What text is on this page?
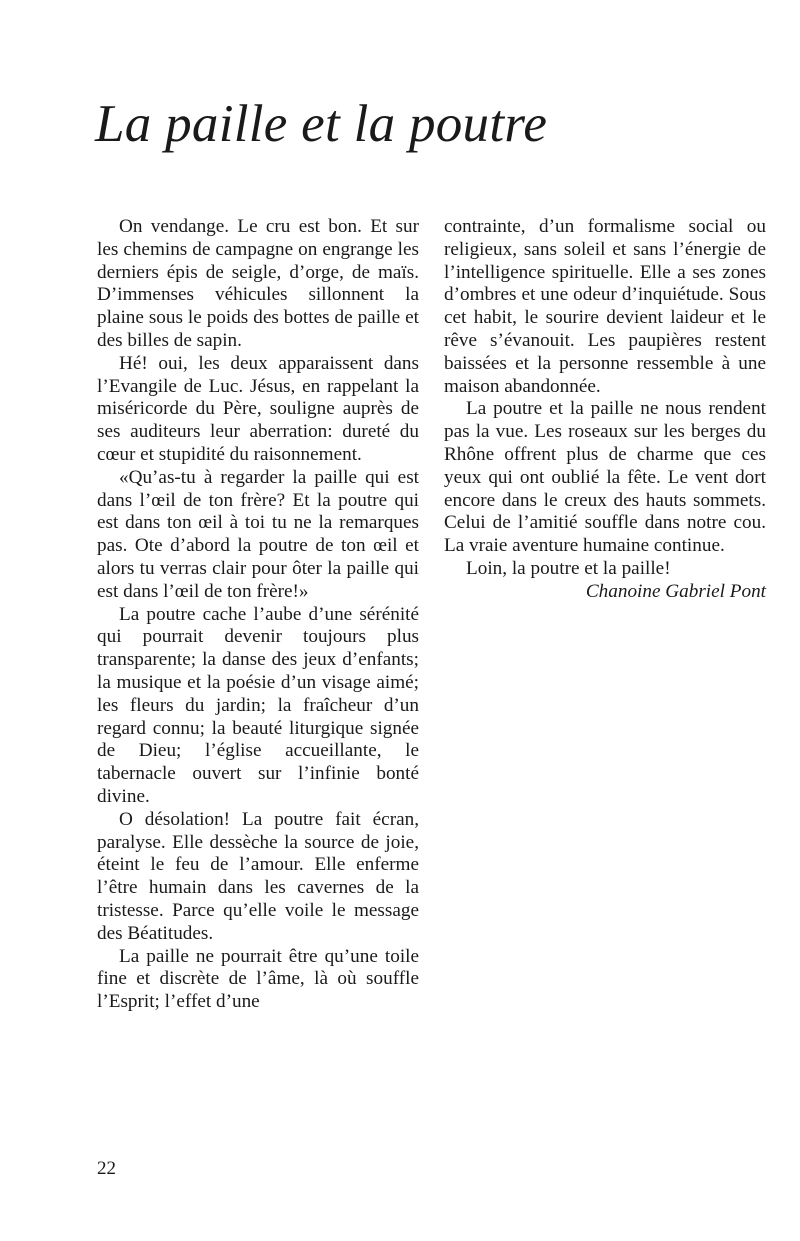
La paille et la poutre

On vendange. Le cru est bon. Et sur les chemins de campagne on engrange les derniers épis de seigle, d’orge, de maïs. D’immenses véhicules sillonnent la plaine sous le poids des bottes de paille et des billes de sapin.

Hé! oui, les deux apparaissent dans l’Evangile de Luc. Jésus, en rappelant la miséricorde du Père, souligne auprès de ses auditeurs leur aberration: dureté du cœur et stupidité du raisonnement.

«Qu’as-tu à regarder la paille qui est dans l’œil de ton frère? Et la poutre qui est dans ton œil à toi tu ne la remarques pas. Ote d’abord la poutre de ton œil et alors tu verras clair pour ôter la paille qui est dans l’œil de ton frère!»

La poutre cache l’aube d’une sérénité qui pourrait devenir toujours plus transparente; la danse des jeux d’enfants; la musique et la poésie d’un visage aimé; les fleurs du jardin; la fraîcheur d’un regard connu; la beauté liturgique signée de Dieu; l’église accueillante, le tabernacle ouvert sur l’infinie bonté divine.

O désolation! La poutre fait écran, paralyse. Elle dessèche la source de joie, éteint le feu de l’amour. Elle enferme l’être humain dans les cavernes de la tristesse. Parce qu’elle voile le message des Béatitudes.

La paille ne pourrait être qu’une toile fine et discrète de l’âme, là où souffle l’Esprit; l’effet d’une

contrainte, d’un formalisme social ou religieux, sans soleil et sans l’énergie de l’intelligence spirituelle. Elle a ses zones d’ombres et une odeur d’inquiétude. Sous cet habit, le sourire devient laideur et le rêve s’évanouit. Les paupières restent baissées et la personne ressemble à une maison abandonnée.

La poutre et la paille ne nous rendent pas la vue. Les roseaux sur les berges du Rhône offrent plus de charme que ces yeux qui ont oublié la fête. Le vent dort encore dans le creux des hauts sommets. Celui de l’amitié souffle dans notre cou. La vraie aventure humaine continue.

Loin, la poutre et la paille!

Chanoine Gabriel Pont

22
